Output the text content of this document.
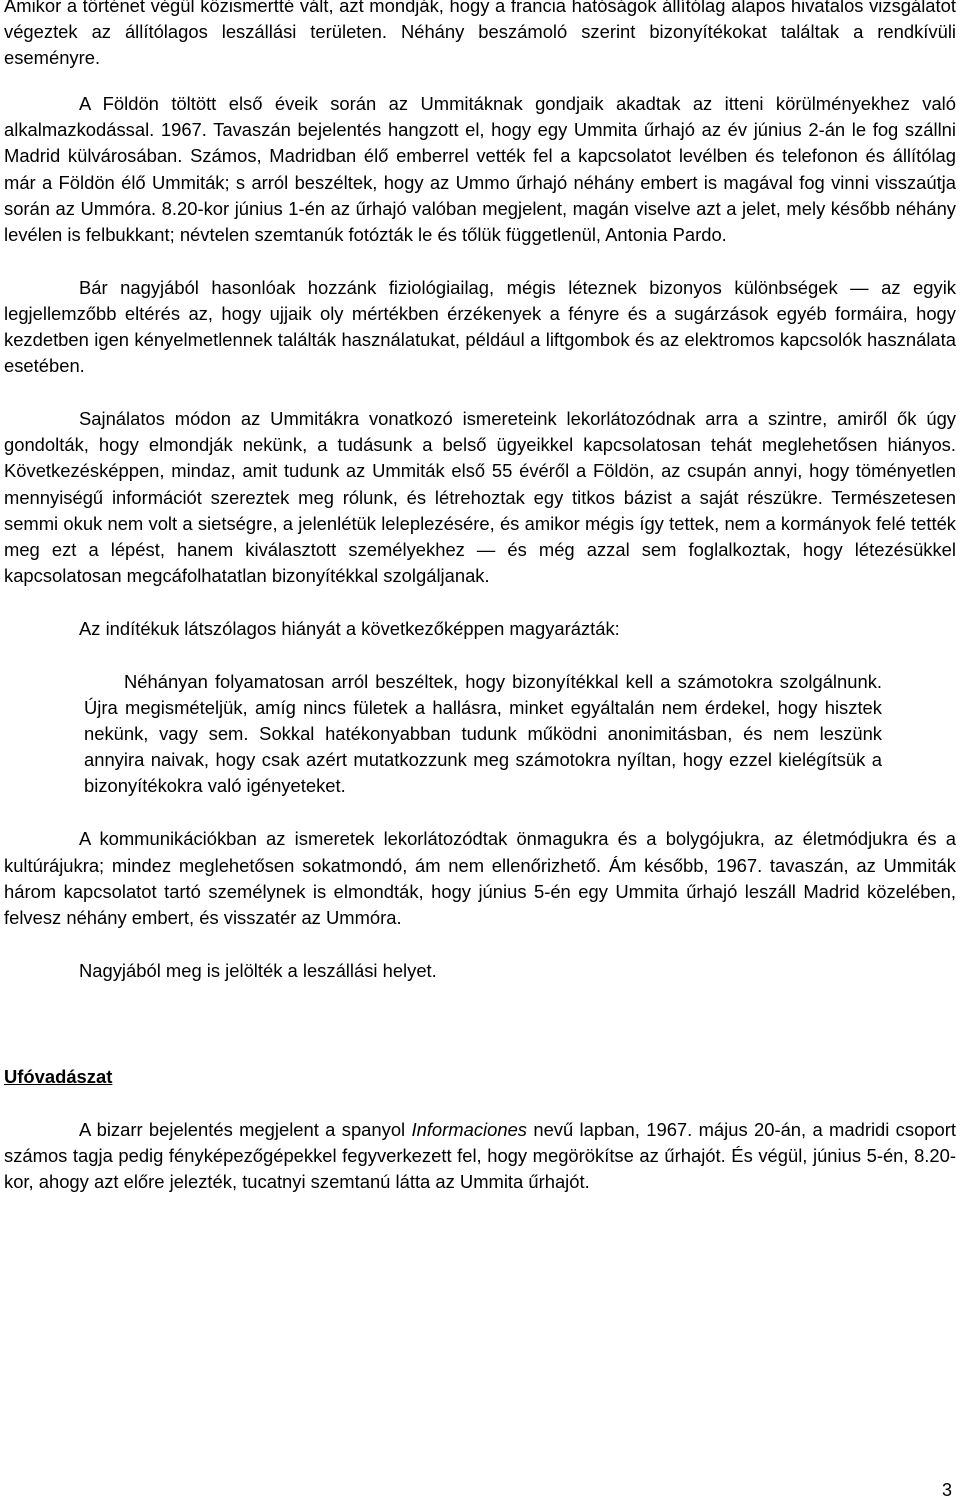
Amikor a történet végül közismertté vált, azt mondják, hogy a francia hatóságok állítólag alapos hivatalos vizsgálatot végeztek az állítólagos leszállási területen. Néhány beszámoló szerint bizonyítékokat találtak a rendkívüli eseményre.

A Földön töltött első éveik során az Ummitáknak gondjaik akadtak az itteni körülményekhez való alkalmazkodással. 1967. Tavaszán bejelentés hangzott el, hogy egy Ummita űrhajó az év június 2-án le fog szállni Madrid külvárosában. Számos, Madridban élő emberrel vették fel a kapcsolatot levélben és telefonon és állítólag már a Földön élő Ummiták; s arról beszéltek, hogy az Ummo űrhajó néhány embert is magával fog vinni visszaútja során az Ummóra. 8.20-kor június 1-én az űrhajó valóban megjelent, magán viselve azt a jelet, mely később néhány levélen is felbukkant; névtelen szemtanúk fotózták le és tőlük függetlenül, Antonia Pardo.

Bár nagyjából hasonlóak hozzánk fiziológiailag, mégis léteznek bizonyos különbségek — az egyik legjellemzőbb eltérés az, hogy ujjaik oly mértékben érzékenyek a fényre és a sugárzások egyéb formáira, hogy kezdetben igen kényelmetlennek találták használatukat, például a liftgombok és az elektromos kapcsolók használata esetében.

Sajnálatos módon az Ummitákra vonatkozó ismereteink lekorlátozódnak arra a szintre, amiről ők úgy gondolták, hogy elmondják nekünk, a tudásunk a belső ügyeikkel kapcsolatosan tehát meglehetősen hiányos. Következésképpen, mindaz, amit tudunk az Ummiták első 55 évéről a Földön, az csupán annyi, hogy töményetlen mennyiségű információt szereztek meg rólunk, és létrehoztak egy titkos bázist a saját részükre. Természetesen semmi okuk nem volt a sietségre, a jelenlétük leleplezésére, és amikor mégis így tettek, nem a kormányok felé tették meg ezt a lépést, hanem kiválasztott személyekhez — és még azzal sem foglalkoztak, hogy létezésükkel kapcsolatosan megcáfolhatatlan bizonyítékkal szolgáljanak.

Az indítékuk látszólagos hiányát a következőképpen magyarázták:

Néhányan folyamatosan arról beszéltek, hogy bizonyítékkal kell a számotokra szolgálnunk. Újra megismételjük, amíg nincs fületek a hallásra, minket egyáltalán nem érdekel, hogy hisztek nekünk, vagy sem. Sokkal hatékonyabban tudunk működni anonimitásban, és nem leszünk annyira naivak, hogy csak azért mutatkozzunk meg számotokra nyíltan, hogy ezzel kielégítsük a bizonyítékokra való igényeteket.

A kommunikációkban az ismeretek lekorlátozódtak önmagukra és a bolygójukra, az életmódjukra és a kultúrájukra; mindez meglehetősen sokatmondó, ám nem ellenőrizhető. Ám később, 1967. tavaszán, az Ummiták három kapcsolatot tartó személynek is elmondták, hogy június 5-én egy Ummita űrhajó leszáll Madrid közelében, felvesz néhány embert, és visszatér az Ummóra.

Nagyjából meg is jelölték a leszállási helyet.

Ufóvadászat

A bizarr bejelentés megjelent a spanyol Informaciones nevű lapban, 1967. május 20-án, a madridi csoport számos tagja pedig fényképezőgépekkel fegyverkezett fel, hogy megörökítse az űrhajót. És végül, június 5-én, 8.20-kor, ahogy azt előre jelezték, tucatnyi szemtanú látta az Ummita űrhajót.

3
